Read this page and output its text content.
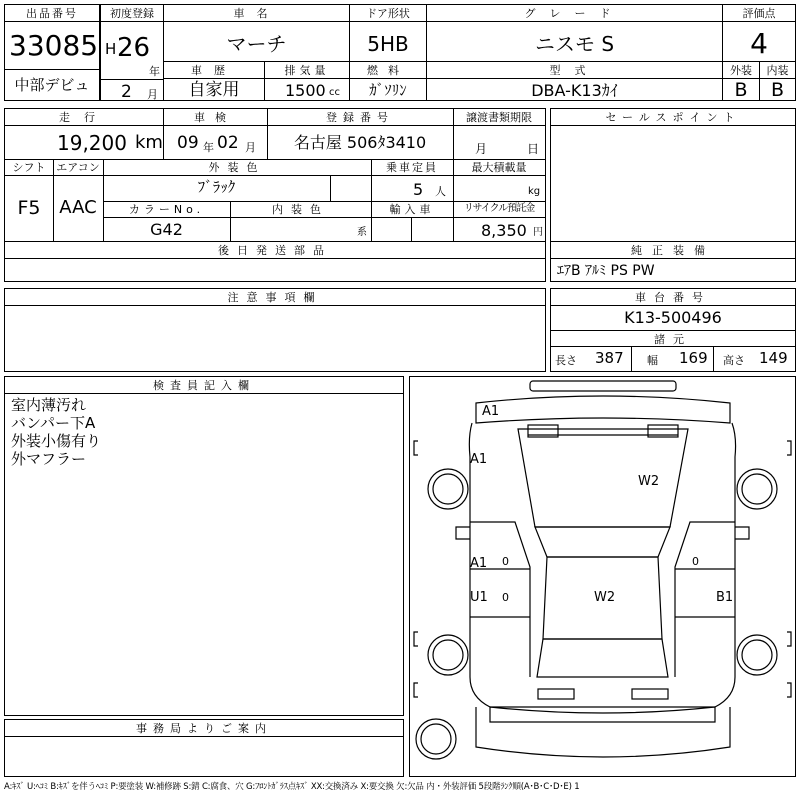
出品番号
33085
中部デビュ
初度登録
H 26
年
2 月
車名
マーチ
ドア形状
5HB
グレード
ニスモ S
評価点
4
車歴
自家用
排気量
1500 cc
燃料
ｶﾞｿﾘﾝ
型式
DBA-K13ｶｲ
外装
B
内装
B
走行
19,200 km
車検
09 年 02 月
登録番号
名古屋 506ﾀ3410
譲渡書類期限
月	日
シフト
F5
エアコン
AAC
外装色
ﾌﾞﾗｯｸ
乗車定員
5 人
最大積載量
kg
カラーNo.
G42
内装色
系
輸入車	リサイクル預託金
8,350 円
後日発送部品
セールスポイント
純正装備
ｴｱB ｱﾙﾐ PS PW
注意事項欄	車台番号
K13-500496
諸元
長さ 387 幅 169 高さ 149
検査員記入欄
室内薄汚れ
バンパー下A
外装小傷有り
外マフラー
事務局よりご案内
A1
A1
W2
A1 0
U1 0	W2	B1
0
A:ｷｽﾞ U:ﾍｺﾐ B:ｷｽﾞを伴うﾍｺﾐ P:要塗装 W:補修跡 S:錆 C:腐食、穴 G:ﾌﾛﾝﾄｶﾞﾗｽ点ｷｽﾞ XX:交換済み X:要交換 欠:欠品 内・外装評価 5段階ﾗﾝｸ順(A･B･C･D･E) 1
